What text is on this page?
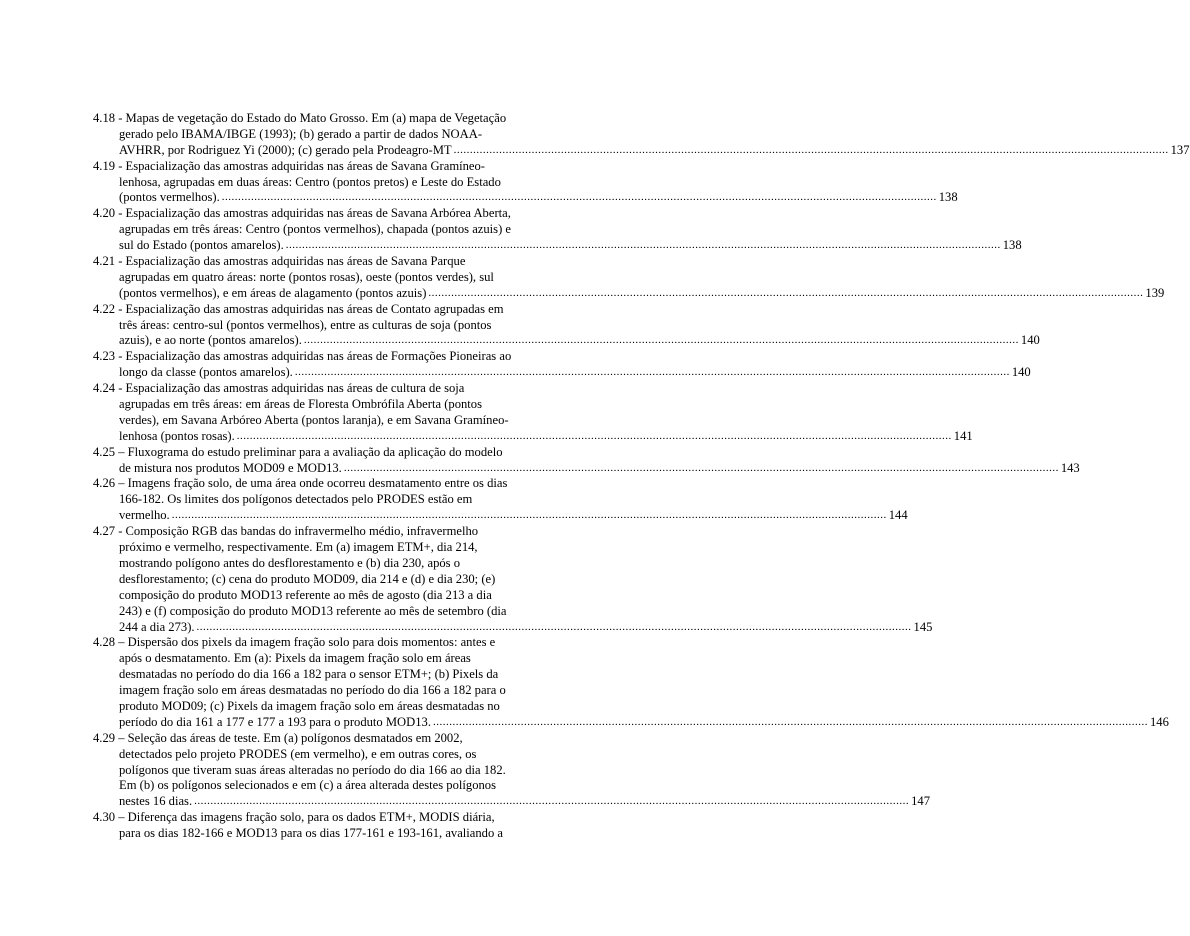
4.18 - Mapas de vegetação do Estado do Mato Grosso. Em (a) mapa de Vegetação
gerado pelo IBAMA/IBGE (1993); (b) gerado a partir de dados NOAA-
AVHRR, por Rodriguez Yi (2000); (c) gerado pela Prodeagro-MT ............................................................................................................................................................................................................................ 137
4.19 - Espacialização das amostras adquiridas nas áreas de Savana Gramíneo-
lenhosa, agrupadas em duas áreas: Centro (pontos pretos) e Leste do Estado
(pontos vermelhos). ............................................................................................................................................................................................................................ 138
4.20 - Espacialização das amostras adquiridas nas áreas de Savana Arbórea Aberta,
agrupadas em três áreas: Centro (pontos vermelhos), chapada (pontos azuis) e
sul do Estado (pontos amarelos). ............................................................................................................................................................................................................................ 138
4.21 - Espacialização das amostras adquiridas nas áreas de Savana Parque
agrupadas em quatro áreas: norte (pontos rosas), oeste (pontos verdes), sul
(pontos vermelhos), e em áreas de alagamento (pontos azuis) ............................................................................................................................................................................................................................ 139
4.22 - Espacialização das amostras adquiridas nas áreas de Contato agrupadas em
três áreas: centro-sul (pontos vermelhos), entre as culturas de soja (pontos
azuis), e ao norte (pontos amarelos). ............................................................................................................................................................................................................................ 140
4.23 - Espacialização das amostras adquiridas nas áreas de Formações Pioneiras ao
longo da classe (pontos amarelos). ............................................................................................................................................................................................................................ 140
4.24 - Espacialização das amostras adquiridas nas áreas de cultura de soja
agrupadas em três áreas: em áreas de Floresta Ombrófila Aberta (pontos
verdes), em Savana Arbóreo Aberta (pontos laranja), e em Savana Gramíneo-
lenhosa (pontos rosas). ............................................................................................................................................................................................................................ 141
4.25 – Fluxograma do estudo preliminar para a avaliação da aplicação do modelo
de mistura nos produtos MOD09 e MOD13. ............................................................................................................................................................................................................................ 143
4.26 – Imagens fração solo, de uma área onde ocorreu desmatamento entre os dias
166-182. Os limites dos polígonos detectados pelo PRODES estão em
vermelho. ............................................................................................................................................................................................................................ 144
4.27 - Composição RGB das bandas do infravermelho médio, infravermelho
próximo e vermelho, respectivamente. Em (a) imagem ETM+, dia 214,
mostrando polígono antes do desflorestamento e (b) dia 230, após o
desflorestamento; (c) cena do produto MOD09, dia 214 e (d) e dia 230; (e)
composição do produto MOD13 referente ao mês de agosto (dia 213 a dia
243) e (f) composição do produto MOD13 referente ao mês de setembro (dia
244 a dia 273). ............................................................................................................................................................................................................................ 145
4.28 – Dispersão dos pixels da imagem fração solo para dois momentos: antes e
após o desmatamento. Em (a): Pixels da imagem fração solo em áreas
desmatadas no período do dia 166 a 182 para o sensor ETM+; (b) Pixels da
imagem fração solo em áreas desmatadas no período do dia 166 a 182 para o
produto MOD09; (c) Pixels da imagem fração solo em áreas desmatadas no
período do dia 161 a 177 e 177 a 193 para o produto MOD13. ............................................................................................................................................................................................................................ 146
4.29 – Seleção das áreas de teste. Em (a) polígonos desmatados em 2002,
detectados pelo projeto PRODES (em vermelho), e em outras cores, os
polígonos que tiveram suas áreas alteradas no período do dia 166 ao dia 182.
Em (b) os polígonos selecionados e em (c) a área alterada destes polígonos
nestes 16 dias. ............................................................................................................................................................................................................................ 147
4.30 – Diferença das imagens fração solo, para os dados ETM+, MODIS diária,
para os dias 182-166 e MOD13 para os dias 177-161 e 193-161, avaliando a
